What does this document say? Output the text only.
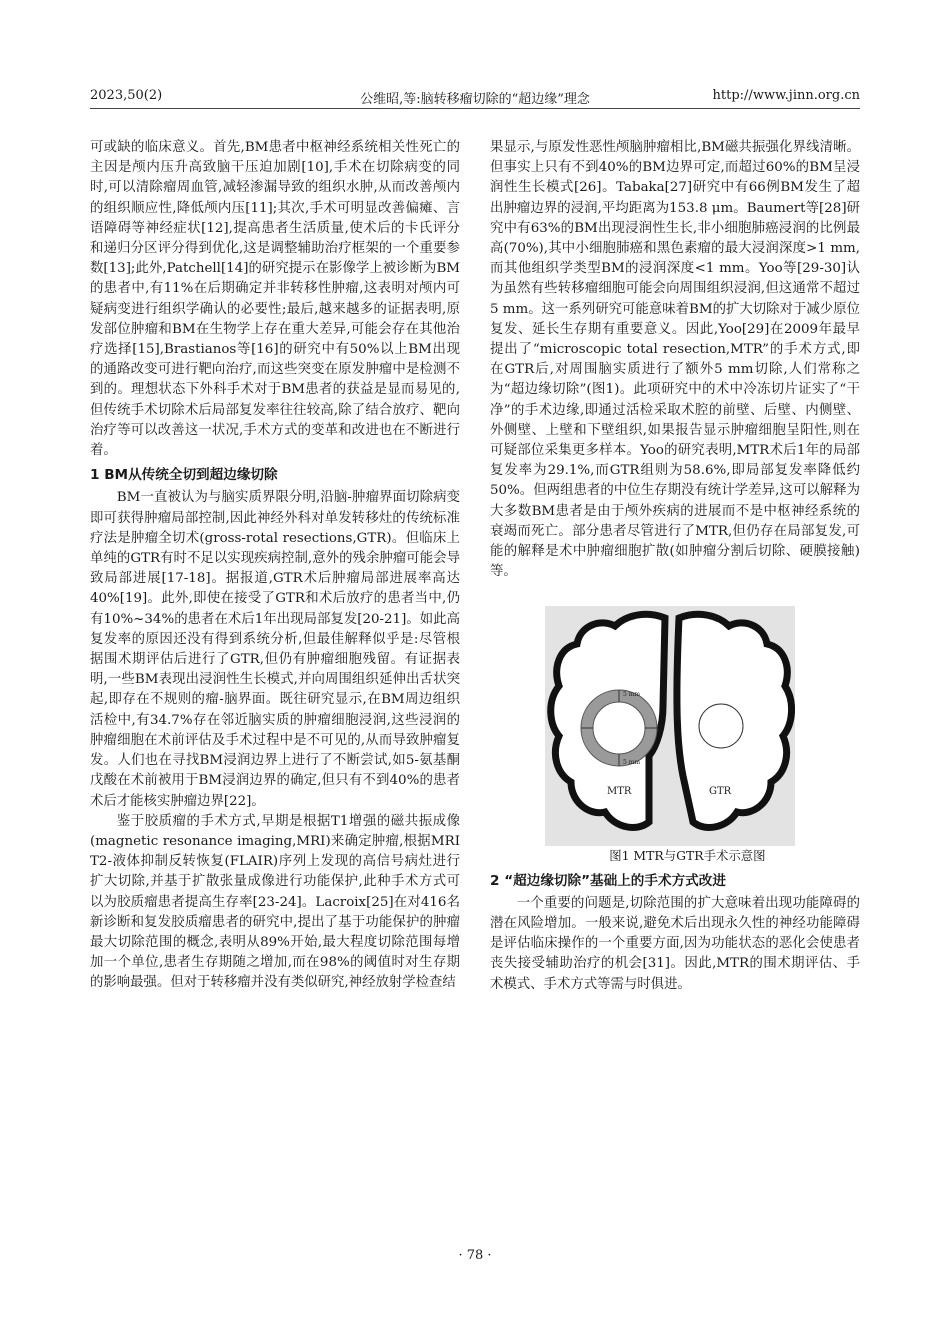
2023,50(2)	公维昭,等:脑转移瘤切除的“超边缘”理念	http://www.jinn.org.cn

可或缺的临床意义。首先,BM患者中枢神经系统相关性死亡的主因是颅内压升高致脑干压迫加剧[10],手术在切除病变的同时,可以清除瘤周血管,减轻渗漏导致的组织水肿,从而改善颅内的组织顺应性,降低颅内压[11];其次,手术可明显改善偏瘫、言语障碍等神经症状[12],提高患者生活质量,使术后的卡氏评分和递归分区评分得到优化,这是调整辅助治疗框架的一个重要参数[13];此外,Patchell[14]的研究提示在影像学上被诊断为BM的患者中,有11%在后期确定并非转移性肿瘤,这表明对颅内可疑病变进行组织学确认的必要性;最后,越来越多的证据表明,原发部位肿瘤和BM在生物学上存在重大差异,可能会存在其他治疗选择[15],Brastianos等[16]的研究中有50%以上BM出现的通路改变可进行靶向治疗,而这些突变在原发肿瘤中是检测不到的。理想状态下外科手术对于BM患者的获益是显而易见的,但传统手术切除术后局部复发率往往较高,除了结合放疗、靶向治疗等可以改善这一状况,手术方式的变革和改进也在不断进行着。

1 BM从传统全切到超边缘切除

BM一直被认为与脑实质界限分明,沿脑-肿瘤界面切除病变即可获得肿瘤局部控制,因此神经外科对单发转移灶的传统标准疗法是肿瘤全切术(gross-rotal resections,GTR)。但临床上单纯的GTR有时不足以实现疾病控制,意外的残余肿瘤可能会导致局部进展[17-18]。据报道,GTR术后肿瘤局部进展率高达40%[19]。此外,即使在接受了GTR和术后放疗的患者当中,仍有10%~34%的患者在术后1年出现局部复发[20-21]。如此高复发率的原因还没有得到系统分析,但最佳解释似乎是:尽管根据围术期评估后进行了GTR,但仍有肿瘤细胞残留。有证据表明,一些BM表现出浸润性生长模式,并向周围组织延伸出舌状突起,即存在不规则的瘤-脑界面。既往研究显示,在BM周边组织活检中,有34.7%存在邻近脑实质的肿瘤细胞浸润,这些浸润的肿瘤细胞在术前评估及手术过程中是不可见的,从而导致肿瘤复发。人们也在寻找BM浸润边界上进行了不断尝试,如5-氨基酮戊酸在术前被用于BM浸润边界的确定,但只有不到40%的患者术后才能核实肿瘤边界[22]。

鉴于胶质瘤的手术方式,早期是根据T1增强的磁共振成像(magnetic resonance imaging,MRI)来确定肿瘤,根据MRI T2-液体抑制反转恢复(FLAIR)序列上发现的高信号病灶进行扩大切除,并基于扩散张量成像进行功能保护,此种手术方式可以为胶质瘤患者提高生存率[23-24]。Lacroix[25]在对416名新诊断和复发胶质瘤患者的研究中,提出了基于功能保护的肿瘤最大切除范围的概念,表明从89%开始,最大程度切除范围每增加一个单位,患者生存期随之增加,而在98%的阈值时对生存期的影响最强。但对于转移瘤并没有类似研究,神经放射学检查结

果显示,与原发性恶性颅脑肿瘤相比,BM磁共振强化界线清晰。但事实上只有不到40%的BM边界可定,而超过60%的BM呈浸润性生长模式[26]。Tabaka[27]研究中有66例BM发生了超出肿瘤边界的浸润,平均距离为153.8 μm。Baumert等[28]研究中有63%的BM出现浸润性生长,非小细胞肺癌浸润的比例最高(70%),其中小细胞肺癌和黑色素瘤的最大浸润深度>1 mm,而其他组织学类型BM的浸润深度<1 mm。Yoo等[29-30]认为虽然有些转移瘤细胞可能会向周围组织浸润,但这通常不超过5 mm。这一系列研究可能意味着BM的扩大切除对于减少原位复发、延长生存期有重要意义。因此,Yoo[29]在2009年最早提出了“microscopic total resection,MTR”的手术方式,即在GTR后,对周围脑实质进行了额外5 mm切除,人们常称之为“超边缘切除”(图1)。此项研究中的术中冷冻切片证实了“干净”的手术边缘,即通过活检采取术腔的前壁、后壁、内侧壁、外侧壁、上壁和下壁组织,如果报告显示肿瘤细胞呈阳性,则在可疑部位采集更多样本。Yoo的研究表明,MTR术后1年的局部复发率为29.1%,而GTR组则为58.6%,即局部复发率降低约50%。但两组患者的中位生存期没有统计学差异,这可以解释为大多数BM患者是由于颅外疾病的进展而不是中枢神经系统的衰竭而死亡。部分患者尽管进行了MTR,但仍存在局部复发,可能的解释是术中肿瘤细胞扩散(如肿瘤分割后切除、硬膜接触)等。

5 mm
5 mm
MTR	GTR

图1 MTR与GTR手术示意图

2 “超边缘切除”基础上的手术方式改进

一个重要的问题是,切除范围的扩大意味着出现功能障碍的潜在风险增加。一般来说,避免术后出现永久性的神经功能障碍是评估临床操作的一个重要方面,因为功能状态的恶化会使患者丧失接受辅助治疗的机会[31]。因此,MTR的围术期评估、手术模式、手术方式等需与时俱进。

· 78 ·
